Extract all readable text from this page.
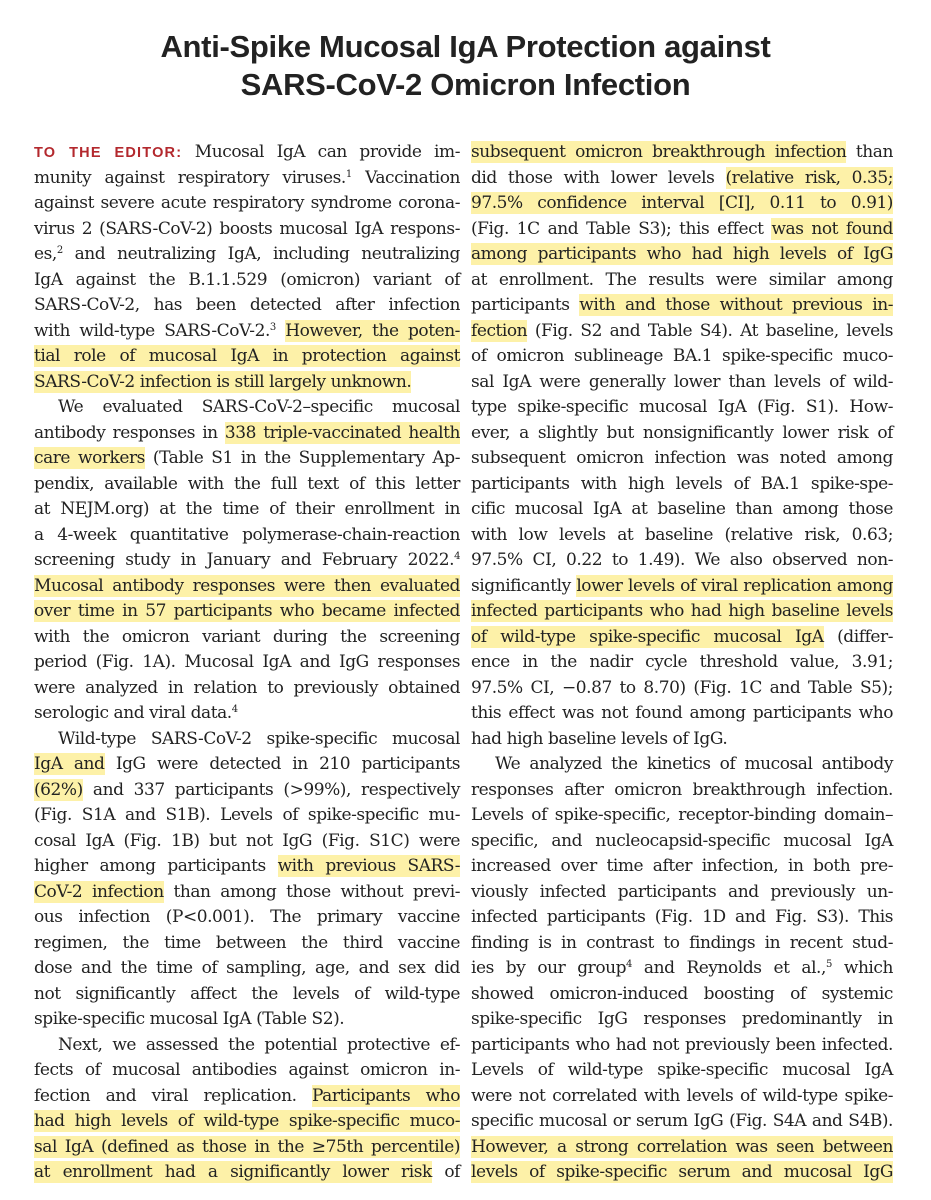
Anti-Spike Mucosal IgA Protection against
SARS-CoV-2 Omicron Infection
TO THE EDITOR: Mucosal IgA can provide im-
munity against respiratory viruses.$^1$ Vaccination
against severe acute respiratory syndrome corona-
virus 2 (SARS-CoV-2) boosts mucosal IgA respons-
es,$^2$ and neutralizing IgA, including neutralizing
IgA against the B.1.1.529 (omicron) variant of
SARS-CoV-2, has been detected after infection
with wild-type SARS-CoV-2.$^3$ However, the poten-
tial role of mucosal IgA in protection against
SARS-CoV-2 infection is still largely unknown.
We evaluated SARS-CoV-2–specific mucosal
antibody responses in 338 triple-vaccinated health
care workers (Table S1 in the Supplementary Ap-
pendix, available with the full text of this letter
at NEJM.org) at the time of their enrollment in
a 4-week quantitative polymerase-chain-reaction
screening study in January and February 2022.$^4$
Mucosal antibody responses were then evaluated
over time in 57 participants who became infected
with the omicron variant during the screening
period (Fig. 1A). Mucosal IgA and IgG responses
were analyzed in relation to previously obtained
serologic and viral data.$^4$
Wild-type SARS-CoV-2 spike-specific mucosal
IgA and IgG were detected in 210 participants
(62%) and 337 participants (>99%), respectively
(Fig. S1A and S1B). Levels of spike-specific mu-
cosal IgA (Fig. 1B) but not IgG (Fig. S1C) were
higher among participants with previous SARS-
CoV-2 infection than among those without previ-
ous infection (P<0.001). The primary vaccine
regimen, the time between the third vaccine
dose and the time of sampling, age, and sex did
not significantly affect the levels of wild-type
spike-specific mucosal IgA (Table S2).
Next, we assessed the potential protective ef-
fects of mucosal antibodies against omicron in-
fection and viral replication. Participants who
had high levels of wild-type spike-specific muco-
sal IgA (defined as those in the ≥75th percentile)
at enrollment had a significantly lower risk of
subsequent omicron breakthrough infection than
did those with lower levels (relative risk, 0.35;
97.5% confidence interval [CI], 0.11 to 0.91)
(Fig. 1C and Table S3); this effect was not found
among participants who had high levels of IgG
at enrollment. The results were similar among
participants with and those without previous in-
fection (Fig. S2 and Table S4). At baseline, levels
of omicron sublineage BA.1 spike-specific muco-
sal IgA were generally lower than levels of wild-
type spike-specific mucosal IgA (Fig. S1). How-
ever, a slightly but nonsignificantly lower risk of
subsequent omicron infection was noted among
participants with high levels of BA.1 spike-spe-
cific mucosal IgA at baseline than among those
with low levels at baseline (relative risk, 0.63;
97.5% CI, 0.22 to 1.49). We also observed non-
significantly lower levels of viral replication among
infected participants who had high baseline levels
of wild-type spike-specific mucosal IgA (differ-
ence in the nadir cycle threshold value, 3.91;
97.5% CI, −0.87 to 8.70) (Fig. 1C and Table S5);
this effect was not found among participants who
had high baseline levels of IgG.
We analyzed the kinetics of mucosal antibody
responses after omicron breakthrough infection.
Levels of spike-specific, receptor-binding domain–
specific, and nucleocapsid-specific mucosal IgA
increased over time after infection, in both pre-
viously infected participants and previously un-
infected participants (Fig. 1D and Fig. S3). This
finding is in contrast to findings in recent stud-
ies by our group$^4$ and Reynolds et al.,$^5$ which
showed omicron-induced boosting of systemic
spike-specific IgG responses predominantly in
participants who had not previously been infected.
Levels of wild-type spike-specific mucosal IgA
were not correlated with levels of wild-type spike-
specific mucosal or serum IgG (Fig. S4A and S4B).
However, a strong correlation was seen between
levels of spike-specific serum and mucosal IgG
